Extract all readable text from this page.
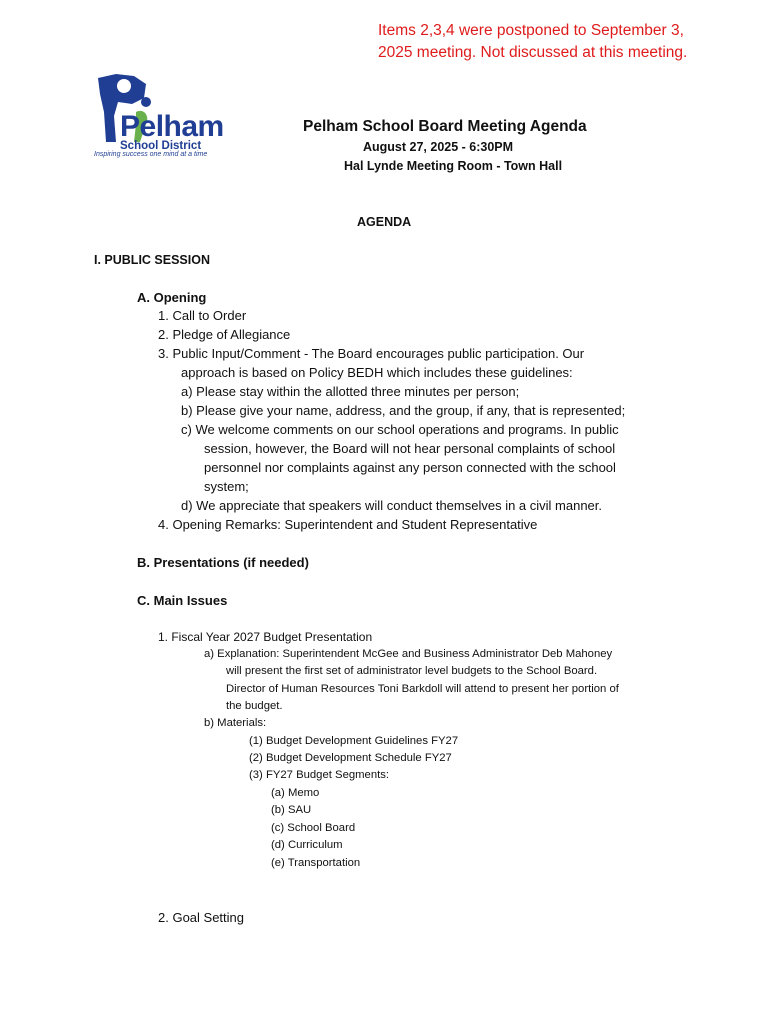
Items 2,3,4 were postponed to September 3,
2025 meeting. Not discussed at this meeting.
Pelham
School District
Inspiring success one mind at a time
Pelham School Board Meeting Agenda
August 27, 2025 - 6:30PM
Hal Lynde Meeting Room - Town Hall
AGENDA
I. PUBLIC SESSION
A. Opening
1. Call to Order
2. Pledge of Allegiance
3. Public Input/Comment - The Board encourages public participation. Our
approach is based on Policy BEDH which includes these guidelines:
a) Please stay within the allotted three minutes per person;
b) Please give your name, address, and the group, if any, that is represented;
c) We welcome comments on our school operations and programs. In public
session, however, the Board will not hear personal complaints of school
personnel nor complaints against any person connected with the school
system;
d) We appreciate that speakers will conduct themselves in a civil manner.
4. Opening Remarks: Superintendent and Student Representative
B. Presentations (if needed)
C. Main Issues
1. Fiscal Year 2027 Budget Presentation
a) Explanation: Superintendent McGee and Business Administrator Deb Mahoney
will present the first set of administrator level budgets to the School Board.
Director of Human Resources Toni Barkdoll will attend to present her portion of
the budget.
b) Materials:
(1) Budget Development Guidelines FY27
(2) Budget Development Schedule FY27
(3) FY27 Budget Segments:
(a) Memo
(b) SAU
(c) School Board
(d) Curriculum
(e) Transportation
2. Goal Setting
